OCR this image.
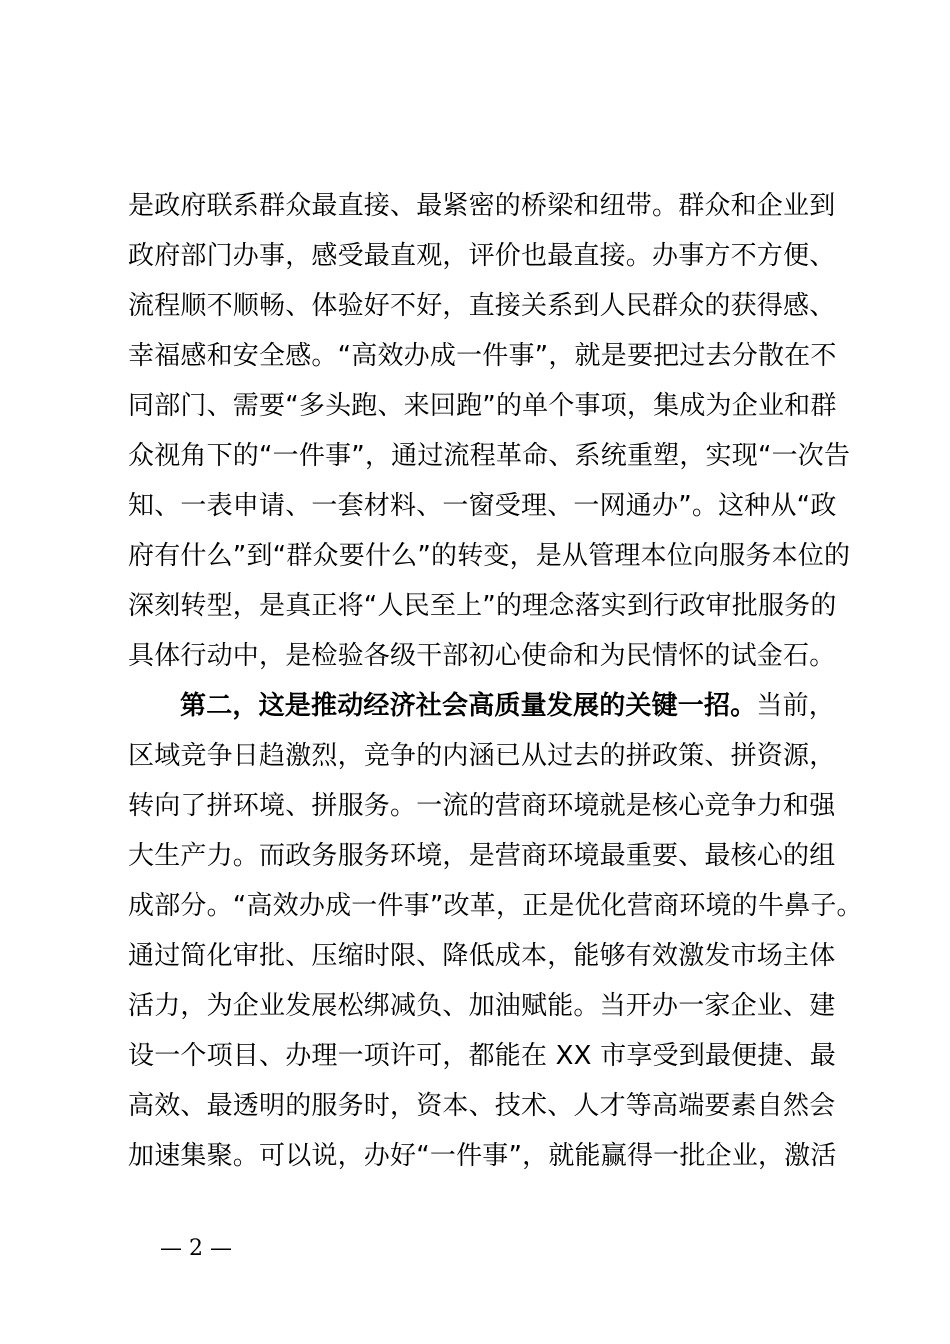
是政府联系群众最直接、最紧密的桥梁和纽带。群众和企业到
政府部门办事，感受最直观，评价也最直接。办事方不方便、
流程顺不顺畅、体验好不好，直接关系到人民群众的获得感、
幸福感和安全感。“高效办成一件事”，就是要把过去分散在不
同部门、需要“多头跑、来回跑”的单个事项，集成为企业和群
众视角下的“一件事”，通过流程革命、系统重塑，实现“一次告
知、一表申请、一套材料、一窗受理、一网通办”。这种从“政
府有什么”到“群众要什么”的转变，是从管理本位向服务本位的
深刻转型，是真正将“人民至上”的理念落实到行政审批服务的
具体行动中，是检验各级干部初心使命和为民情怀的试金石。
第二，这是推动经济社会高质量发展的关键一招。当前，
区域竞争日趋激烈，竞争的内涵已从过去的拼政策、拼资源，
转向了拼环境、拼服务。一流的营商环境就是核心竞争力和强
大生产力。而政务服务环境，是营商环境最重要、最核心的组
成部分。“高效办成一件事”改革，正是优化营商环境的牛鼻子。
通过简化审批、压缩时限、降低成本，能够有效激发市场主体
活力，为企业发展松绑减负、加油赋能。当开办一家企业、建
设一个项目、办理一项许可，都能在 XX 市享受到最便捷、最
高效、最透明的服务时，资本、技术、人才等高端要素自然会
加速集聚。可以说，办好“一件事”，就能赢得一批企业，激活
— 2 —
